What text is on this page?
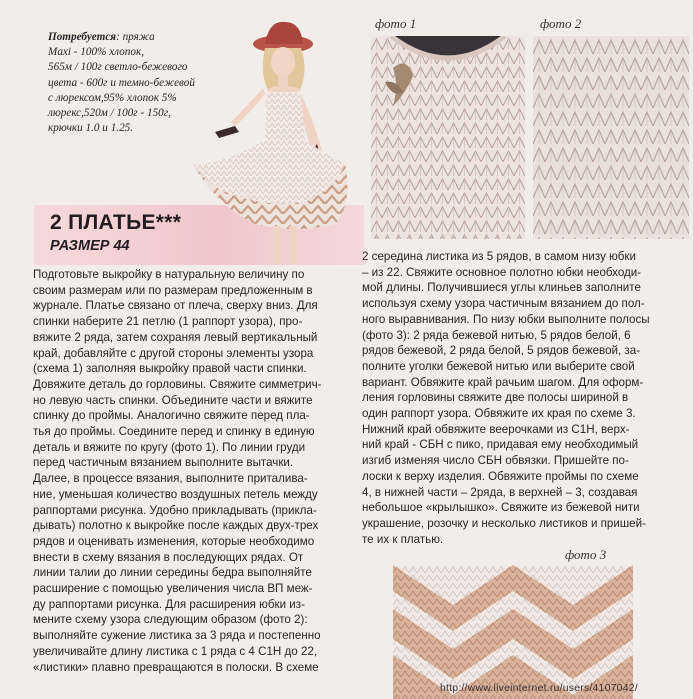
Потребуется: пряжа
Maxi - 100% хлопок,
565м / 100г светло-бежевого
цвета - 600г и темно-бежевой
с люрексом,95% хлопок 5%
люрекс,520м / 100г - 150г,
крючки 1.0 и 1.25.
2 ПЛАТЬЕ***
РАЗМЕР 44
фото 1	фото 2
фото 3
Подготовьте выкройку в натуральную величину по
своим размерам или по размерам предложенным в
журнале. Платье связано от плеча, сверху вниз. Для
спинки наберите 21 петлю (1 раппорт узора), про-
вяжите 2 ряда, затем сохраняя левый вертикальный
край, добавляйте с другой стороны элементы узора
(схема 1) заполняя выкройку правой части спинки.
Довяжите деталь до горловины. Свяжите симметрич-
но левую часть спинки. Объедините части и вяжите
спинку до проймы. Аналогично свяжите перед пла-
тья до проймы. Соедините перед и спинку в единую
деталь и вяжите по кругу (фото 1). По линии груди
перед частичным вязанием выполните вытачки.
Далее, в процессе вязания, выполните приталива-
ние, уменьшая количество воздушных петель между
раппортами рисунка. Удобно прикладывать (прикла-
дывать) полотно к выкройке после каждых двух-трех
рядов и оценивать изменения, которые необходимо
внести в схему вязания в последующих рядах. От
линии талии до линии середины бедра выполняйте
расширение с помощью увеличения числа ВП меж-
ду раппортами рисунка. Для расширения юбки из-
мените схему узора следующим образом (фото 2):
выполняйте сужение листика за 3 ряда и постепенно
увеличивайте длину листика с 1 ряда с 4 С1Н до 22,
«листики» плавно превращаются в полоски. В схеме
2 середина листика из 5 рядов, в самом низу юбки
– из 22. Свяжите основное полотно юбки необходи-
мой длины. Получившиеся углы клиньев заполните
используя схему узора частичным вязанием до пол-
ного выравнивания. По низу юбки выполните полосы
(фото 3): 2 ряда бежевой нитью, 5 рядов белой, 6
рядов бежевой, 2 ряда белой, 5 рядов бежевой, за-
полните уголки бежевой нитью или выберите свой
вариант. Обвяжите край рачьим шагом. Для оформ-
ления горловины свяжите две полосы шириной в
один раппорт узора. Обвяжите их края по схеме 3.
Нижний край обвяжите веерочками из С1Н, верх-
ний край - СБН с пико, придавая ему необходимый
изгиб изменяя число СБН обвязки. Пришейте по-
лоски к верху изделия. Обвяжите проймы по схеме
4, в нижней части – 2ряда, в верхней – 3, создавая
небольшое «крылышко». Свяжите из бежевой нити
украшение, розочку и несколько листиков и пришей-
те их к платью.
http://www.liveinternet.ru/users/4107042/
